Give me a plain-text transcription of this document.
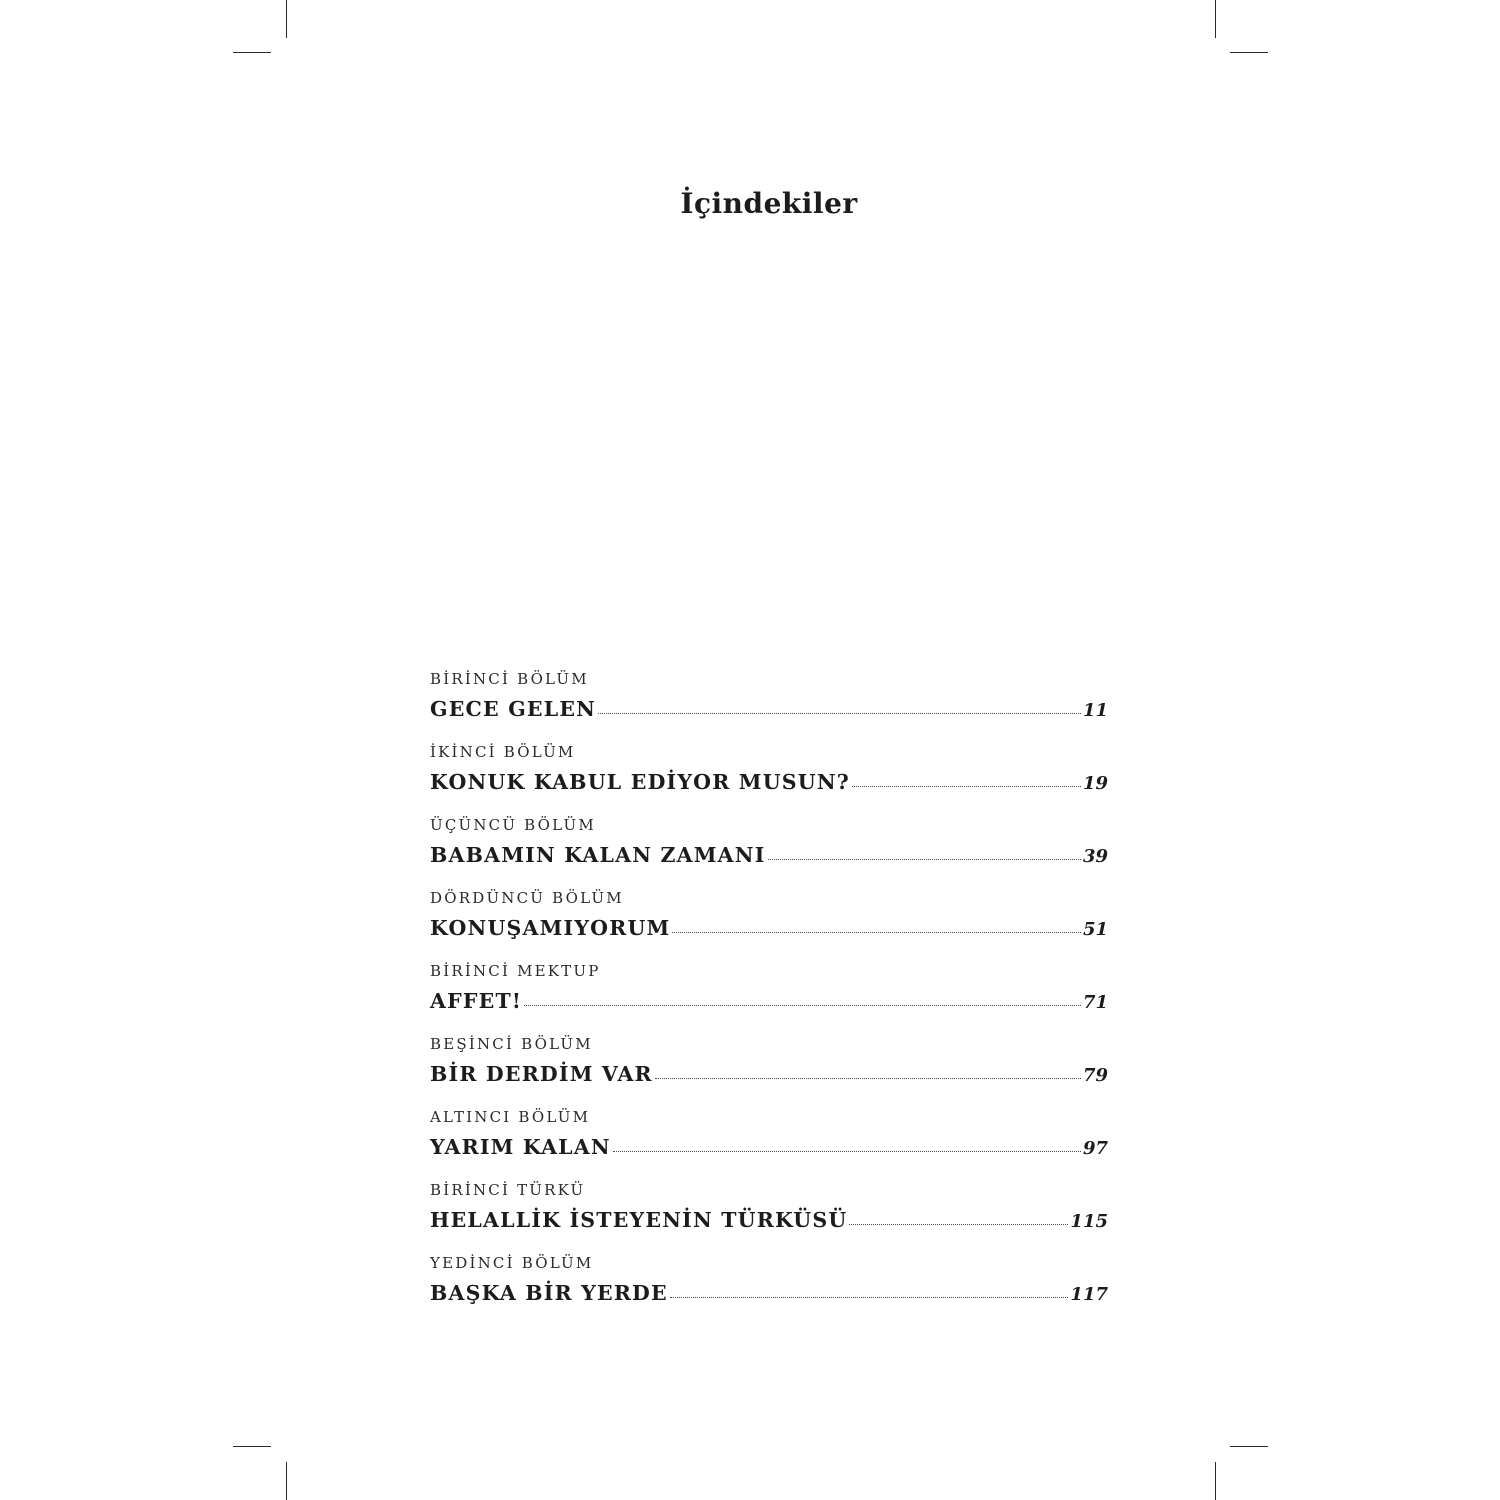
İçindekiler
BİRİNCİ BÖLÜM
GECE GELEN	11
İKİNCİ BÖLÜM
KONUK KABUL EDİYOR MUSUN?	19
ÜÇÜNCÜ BÖLÜM
BABAMIN KALAN ZAMANI	39
DÖRDÜNCÜ BÖLÜM
KONUŞAMIYORUM	51
BİRİNCİ MEKTUP
AFFET!	71
BEŞİNCİ BÖLÜM
BİR DERDİM VAR	79
ALTINCI BÖLÜM
YARIM KALAN	97
BİRİNCİ TÜRKÜ
HELALLİK İSTEYENİN TÜRKÜSÜ	115
YEDİNCİ BÖLÜM
BAŞKA BİR YERDE	117
